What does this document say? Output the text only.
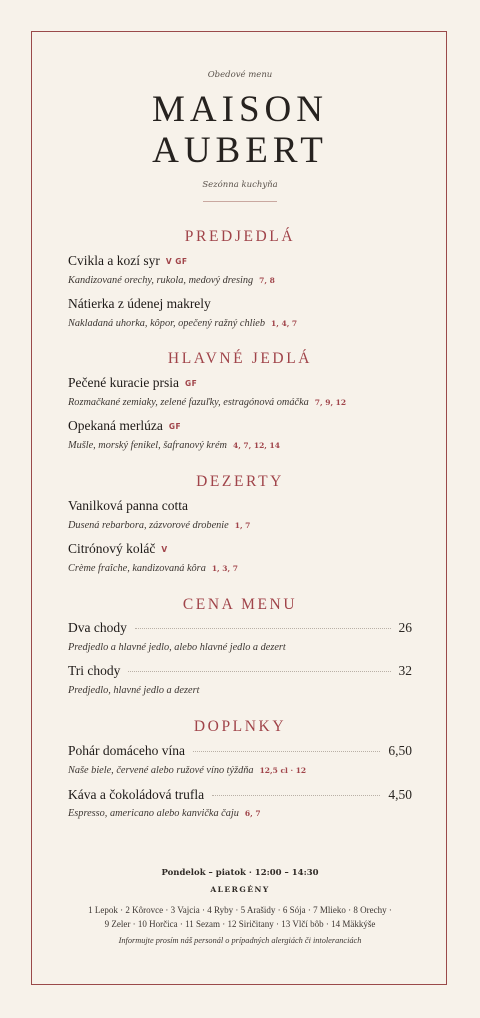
Obedové menu
MAISON
AUBERT
Sezónna kuchyňa
PREDJEDLÁ
Cvikla a kozí syr V GF
Kandizované orechy, rukola, medový dresing 7, 8
Nátierka z údenej makrely
Nakladaná uhorka, kôpor, opečený ražný chlieb 1, 4, 7
HLAVNÉ JEDLÁ
Pečené kuracie prsia GF
Rozmačkané zemiaky, zelené fazuľky, estragónová omáčka 7, 9, 12
Opekaná merlúza GF
Mušle, morský fenikel, šafranový krém 4, 7, 12, 14
DEZERTY
Vanilková panna cotta
Dusená rebarbora, zázvorové drobenie 1, 7
Citrónový koláč V
Crème fraîche, kandizovaná kôra 1, 3, 7
CENA MENU
Dva chody	26
Predjedlo a hlavné jedlo, alebo hlavné jedlo a dezert
Tri chody	32
Predjedlo, hlavné jedlo a dezert
DOPLNKY
Pohár domáceho vína	6,50
Naše biele, červené alebo ružové víno týždňa 12,5 cl · 12
Káva a čokoládová trufla	4,50
Espresso, americano alebo kanvička čaju 6, 7
Pondelok – piatok · 12:00 – 14:30
ALERGÉNY
1 Lepok · 2 Kôrovce · 3 Vajcia · 4 Ryby · 5 Arašidy · 6 Sója · 7 Mlieko · 8 Orechy ·
9 Zeler · 10 Horčica · 11 Sezam · 12 Siričitany · 13 Vlčí bôb · 14 Mäkkýše
Informujte prosím náš personál o prípadných alergiách či intoleranciách
